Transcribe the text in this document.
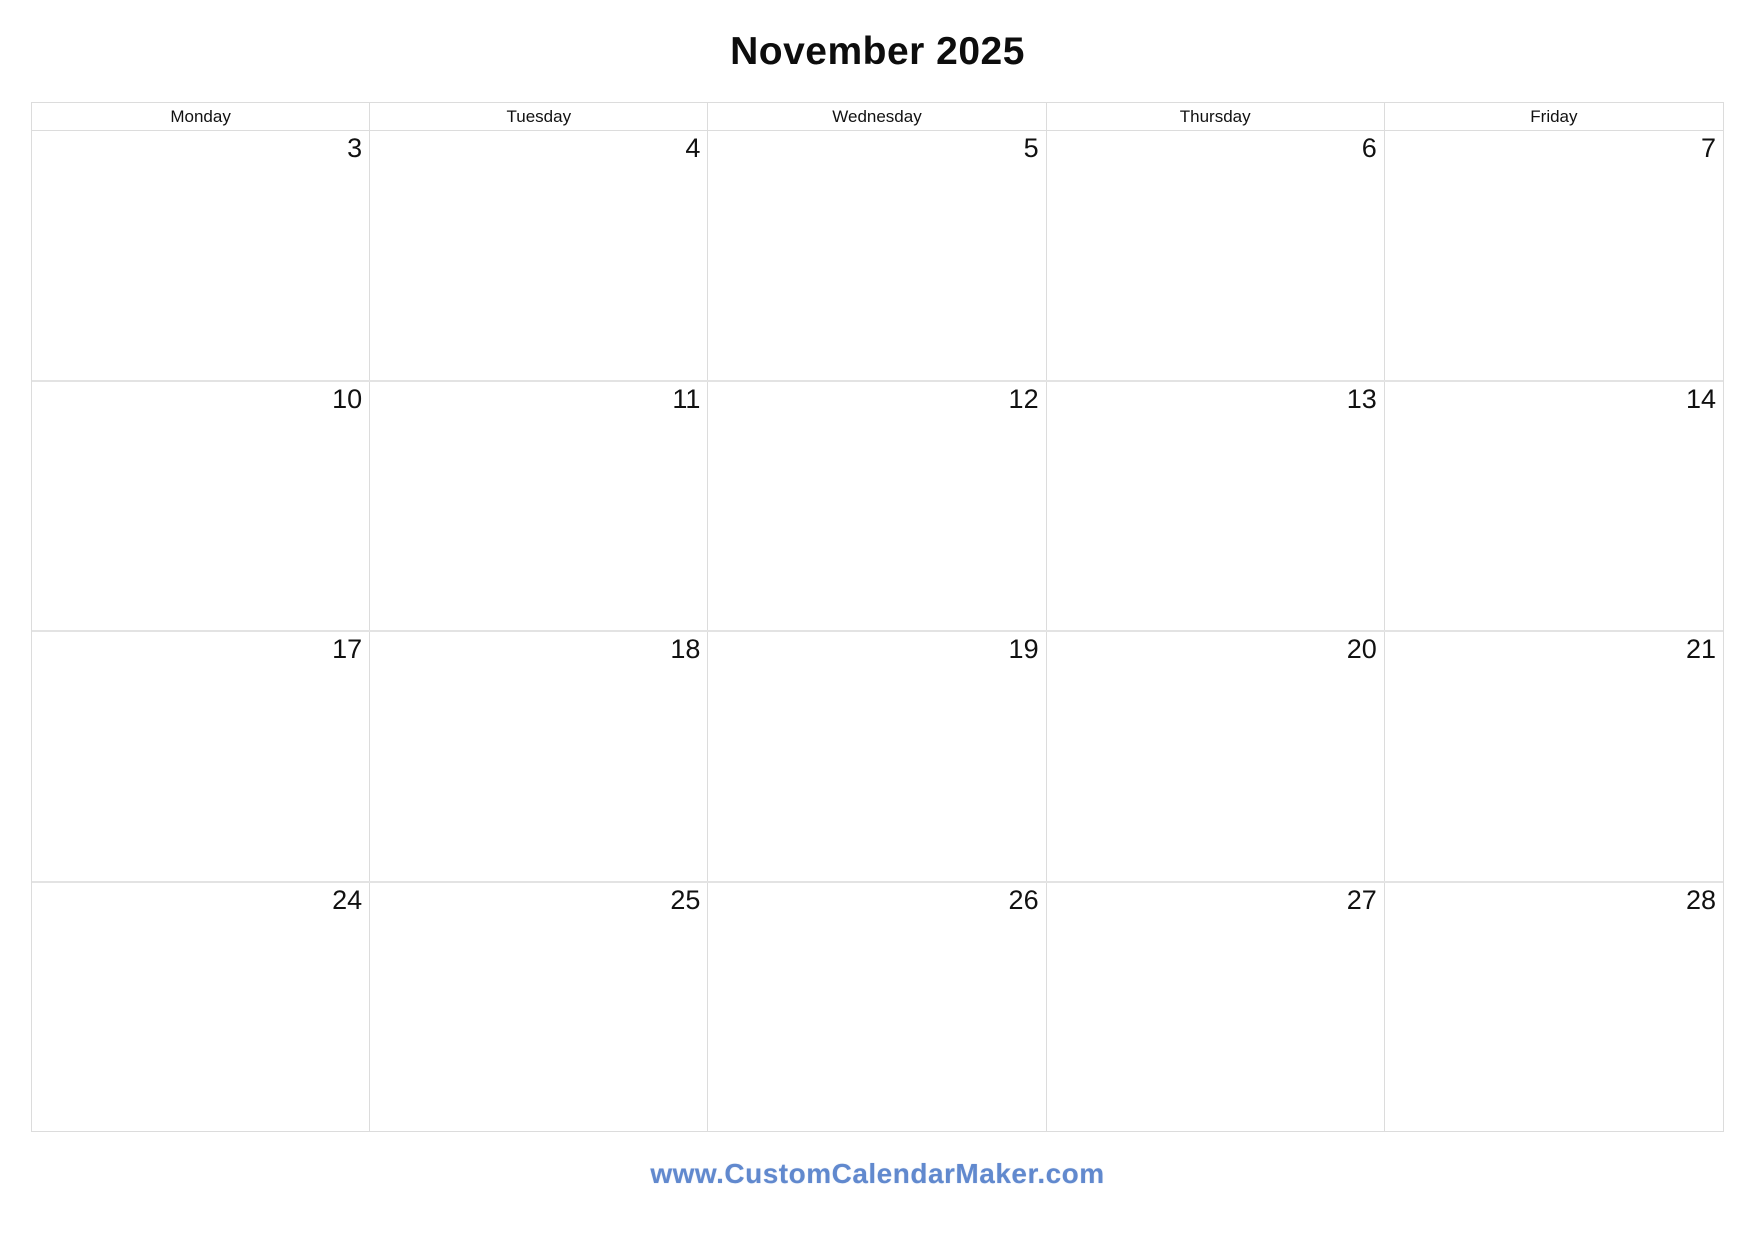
November 2025
Monday	Tuesday	Wednesday	Thursday	Friday
3	4	5	6	7
10	11	12	13	14
17	18	19	20	21
24	25	26	27	28
www.CustomCalendarMaker.com
